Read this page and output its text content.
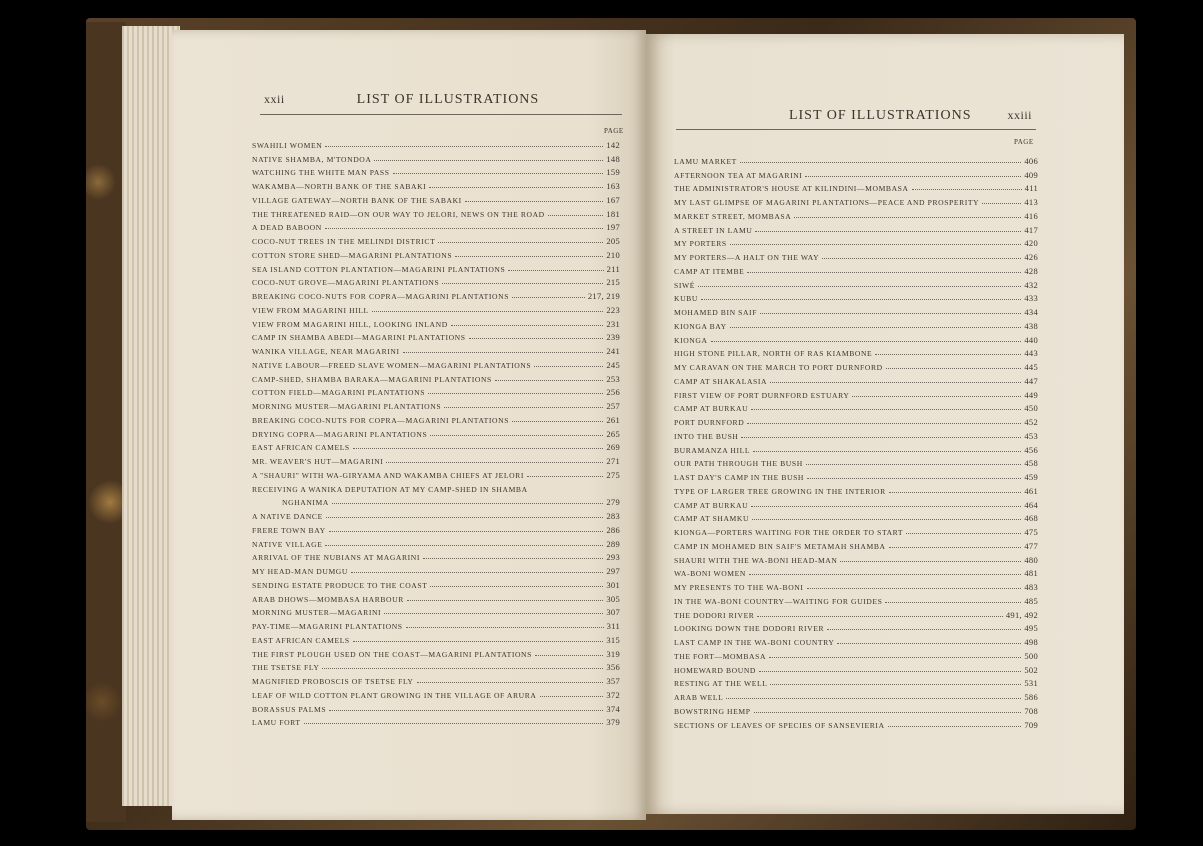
xxii	LIST OF ILLUSTRATIONS
PAGE
SWAHILI WOMEN	142
NATIVE SHAMBA, M'TONDOA	148
WATCHING THE WHITE MAN PASS	159
WAKAMBA—NORTH BANK OF THE SABAKI	163
VILLAGE GATEWAY—NORTH BANK OF THE SABAKI	167
THE THREATENED RAID—ON OUR WAY TO JELORI, NEWS ON THE ROAD	181
A DEAD BABOON	197
COCO-NUT TREES IN THE MELINDI DISTRICT	205
COTTON STORE SHED—MAGARINI PLANTATIONS	210
SEA ISLAND COTTON PLANTATION—MAGARINI PLANTATIONS	211
COCO-NUT GROVE—MAGARINI PLANTATIONS	215
BREAKING COCO-NUTS FOR COPRA—MAGARINI PLANTATIONS	217, 219
VIEW FROM MAGARINI HILL	223
VIEW FROM MAGARINI HILL, LOOKING INLAND	231
CAMP IN SHAMBA ABEDI—MAGARINI PLANTATIONS	239
WANIKA VILLAGE, NEAR MAGARINI	241
NATIVE LABOUR—FREED SLAVE WOMEN—MAGARINI PLANTATIONS	245
CAMP-SHED, SHAMBA BARAKA—MAGARINI PLANTATIONS	253
COTTON FIELD—MAGARINI PLANTATIONS	256
MORNING MUSTER—MAGARINI PLANTATIONS	257
BREAKING COCO-NUTS FOR COPRA—MAGARINI PLANTATIONS	261
DRYING COPRA—MAGARINI PLANTATIONS	265
EAST AFRICAN CAMELS	269
MR. WEAVER'S HUT—MAGARINI	271
A "SHAURI" WITH WA-GIRYAMA AND WAKAMBA CHIEFS AT JELORI	275
RECEIVING A WANIKA DEPUTATION AT MY CAMP-SHED IN SHAMBA
NGHANIMA	279
A NATIVE DANCE	283
FRERE TOWN BAY	286
NATIVE VILLAGE	289
ARRIVAL OF THE NUBIANS AT MAGARINI	293
MY HEAD-MAN DUMGU	297
SENDING ESTATE PRODUCE TO THE COAST	301
ARAB DHOWS—MOMBASA HARBOUR	305
MORNING MUSTER—MAGARINI	307
PAY-TIME—MAGARINI PLANTATIONS	311
EAST AFRICAN CAMELS	315
THE FIRST PLOUGH USED ON THE COAST—MAGARINI PLANTATIONS	319
THE TSETSE FLY	356
MAGNIFIED PROBOSCIS OF TSETSE FLY	357
LEAF OF WILD COTTON PLANT GROWING IN THE VILLAGE OF ARURA	372
BORASSUS PALMS	374
LAMU FORT	379
LIST OF ILLUSTRATIONS	xxiii
PAGE
LAMU MARKET	406
AFTERNOON TEA AT MAGARINI	409
THE ADMINISTRATOR'S HOUSE AT KILINDINI—MOMBASA	411
MY LAST GLIMPSE OF MAGARINI PLANTATIONS—PEACE AND PROSPERITY	413
MARKET STREET, MOMBASA	416
A STREET IN LAMU	417
MY PORTERS	420
MY PORTERS—A HALT ON THE WAY	426
CAMP AT ITEMBE	428
SIWÉ	432
KUBU	433
MOHAMED BIN SAIF	434
KIONGA BAY	438
KIONGA	440
HIGH STONE PILLAR, NORTH OF RAS KIAMBONE	443
MY CARAVAN ON THE MARCH TO PORT DURNFORD	445
CAMP AT SHAKALASIA	447
FIRST VIEW OF PORT DURNFORD ESTUARY	449
CAMP AT BURKAU	450
PORT DURNFORD	452
INTO THE BUSH	453
BURAMANZA HILL	456
OUR PATH THROUGH THE BUSH	458
LAST DAY'S CAMP IN THE BUSH	459
TYPE OF LARGER TREE GROWING IN THE INTERIOR	461
CAMP AT BURKAU	464
CAMP AT SHAMKU	468
KIONGA—PORTERS WAITING FOR THE ORDER TO START	475
CAMP IN MOHAMED BIN SAIF'S METAMAH SHAMBA	477
SHAURI WITH THE WA-BONI HEAD-MAN	480
WA-BONI WOMEN	481
MY PRESENTS TO THE WA-BONI	483
IN THE WA-BONI COUNTRY—WAITING FOR GUIDES	485
THE DODORI RIVER	491, 492
LOOKING DOWN THE DODORI RIVER	495
LAST CAMP IN THE WA-BONI COUNTRY	498
THE FORT—MOMBASA	500
HOMEWARD BOUND	502
RESTING AT THE WELL	531
ARAB WELL	586
BOWSTRING HEMP	708
SECTIONS OF LEAVES OF SPECIES OF SANSEVIERIA	709
